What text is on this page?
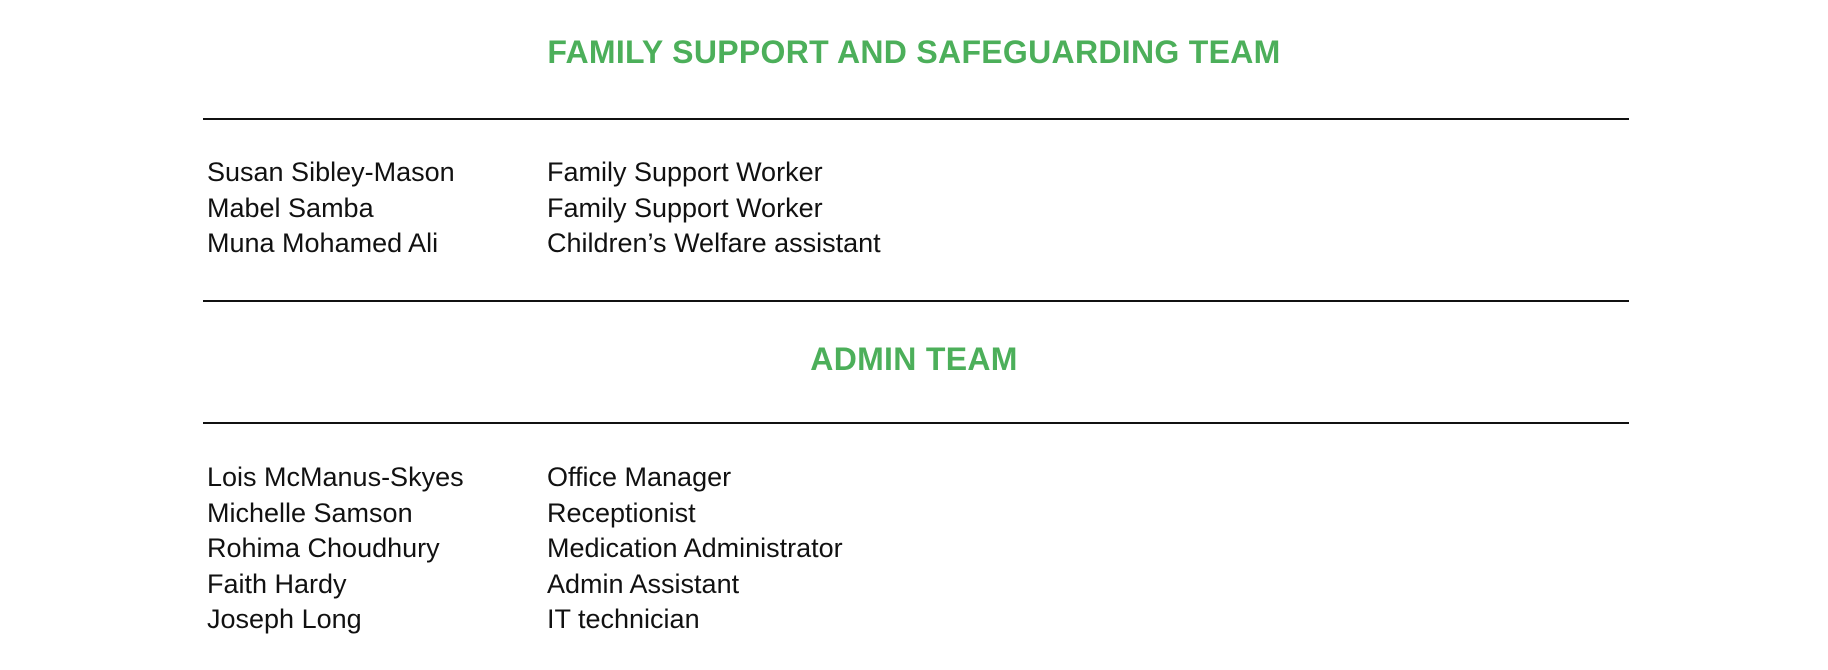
FAMILY SUPPORT AND SAFEGUARDING TEAM
Susan Sibley-Mason	Family Support Worker
Mabel Samba	Family Support Worker
Muna Mohamed Ali	Children’s Welfare assistant
ADMIN TEAM
Lois McManus-Skyes	Office Manager
Michelle Samson	Receptionist
Rohima Choudhury	Medication Administrator
Faith Hardy	Admin Assistant
Joseph Long	IT technician
